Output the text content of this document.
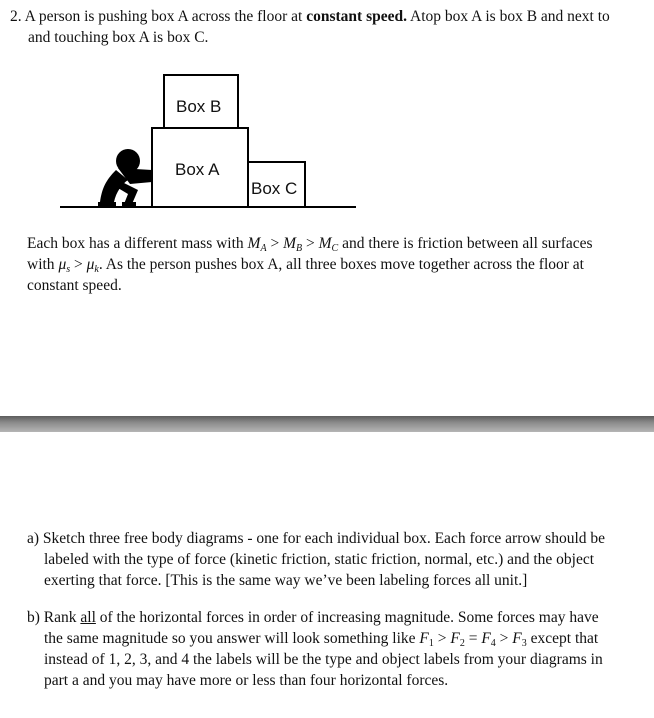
2. A person is pushing box A across the floor at constant speed. Atop box A is box B and next to
and touching box A is box C.
Box B
Box A
Box C
Each box has a different mass with $M_A > M_B > M_C$ and there is friction between all surfaces
with $\mu_s > \mu_k$. As the person pushes box A, all three boxes move together across the floor at
constant speed.
a) Sketch three free body diagrams - one for each individual box. Each force arrow should be
labeled with the type of force (kinetic friction, static friction, normal, etc.) and the object
exerting that force. [This is the same way we’ve been labeling forces all unit.]
b) Rank all of the horizontal forces in order of increasing magnitude. Some forces may have
the same magnitude so you answer will look something like $F_1 > F_2 = F_4 > F_3$ except that
instead of 1, 2, 3, and 4 the labels will be the type and object labels from your diagrams in
part a and you may have more or less than four horizontal forces.
